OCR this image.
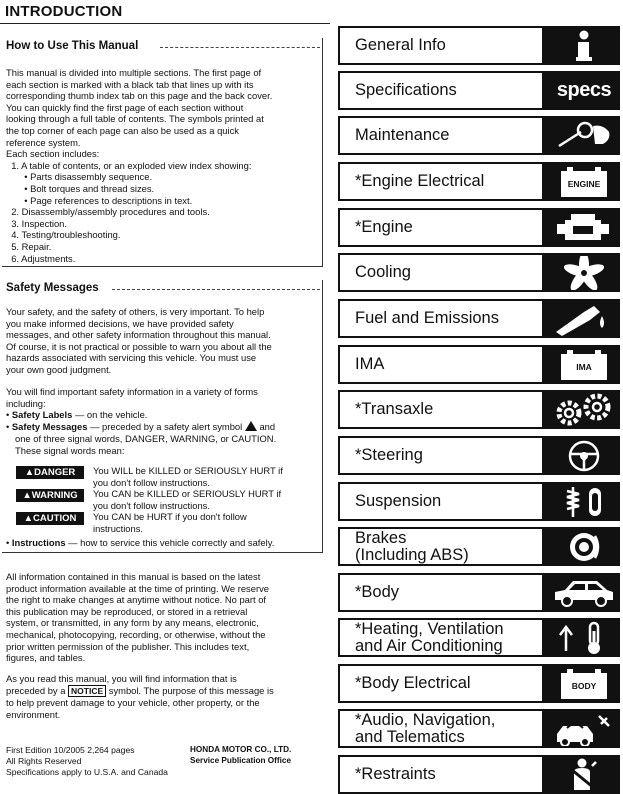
INTRODUCTION
How to Use This Manual
This manual is divided into multiple sections. The first page of
each section is marked with a black tab that lines up with its
corresponding thumb index tab on this page and the back cover.
You can quickly find the first page of each section without
looking through a full table of contents. The symbols printed at
the top corner of each page can also be used as a quick
reference system.
Each section includes:
1. A table of contents, or an exploded view index showing:
• Parts disassembly sequence.
• Bolt torques and thread sizes.
• Page references to descriptions in text.
2. Disassembly/assembly procedures and tools.
3. Inspection.
4. Testing/troubleshooting.
5. Repair.
6. Adjustments.
Safety Messages
Your safety, and the safety of others, is very important. To help
you make informed decisions, we have provided safety
messages, and other safety information throughout this manual.
Of course, it is not practical or possible to warn you about all the
hazards associated with servicing this vehicle. You must use
your own good judgment.
You will find important safety information in a variety of forms
including:
• Safety Labels — on the vehicle.
• Safety Messages — preceded by a safety alert symbol  and
one of three signal words, DANGER, WARNING, or CAUTION.
These signal words mean:
▲DANGER	You WILL be KILLED or SERIOUSLY HURT if
you don't follow instructions.
▲WARNING	You CAN be KILLED or SERIOUSLY HURT if
you don't follow instructions.
▲CAUTION	You CAN be HURT if you don't follow
instructions.
• Instructions — how to service this vehicle correctly and safely.
All information contained in this manual is based on the latest
product information available at the time of printing. We reserve
the right to make changes at anytime without notice. No part of
this publication may be reproduced, or stored in a retrieval
system, or transmitted, in any form by any means, electronic,
mechanical, photocopying, recording, or otherwise, without the
prior written permission of the publisher. This includes text,
figures, and tables.
As you read this manual, you will find information that is
preceded by a NOTICE symbol. The purpose of this message is
to help prevent damage to your vehicle, other property, or the
environment.
First Edition 10/2005 2,264 pages
All Rights Reserved
Specifications apply to U.S.A. and Canada
HONDA MOTOR CO., LTD.
Service Publication Office
General Info
Specifications	specs
Maintenance
*Engine Electrical	ENGINE
*Engine
Cooling
Fuel and Emissions
IMA	IMA
*Transaxle
*Steering
Suspension
Brakes
(Including ABS)
*Body
*Heating, Ventilation
and Air Conditioning
*Body Electrical	BODY
*Audio, Navigation,
and Telematics
*Restraints
